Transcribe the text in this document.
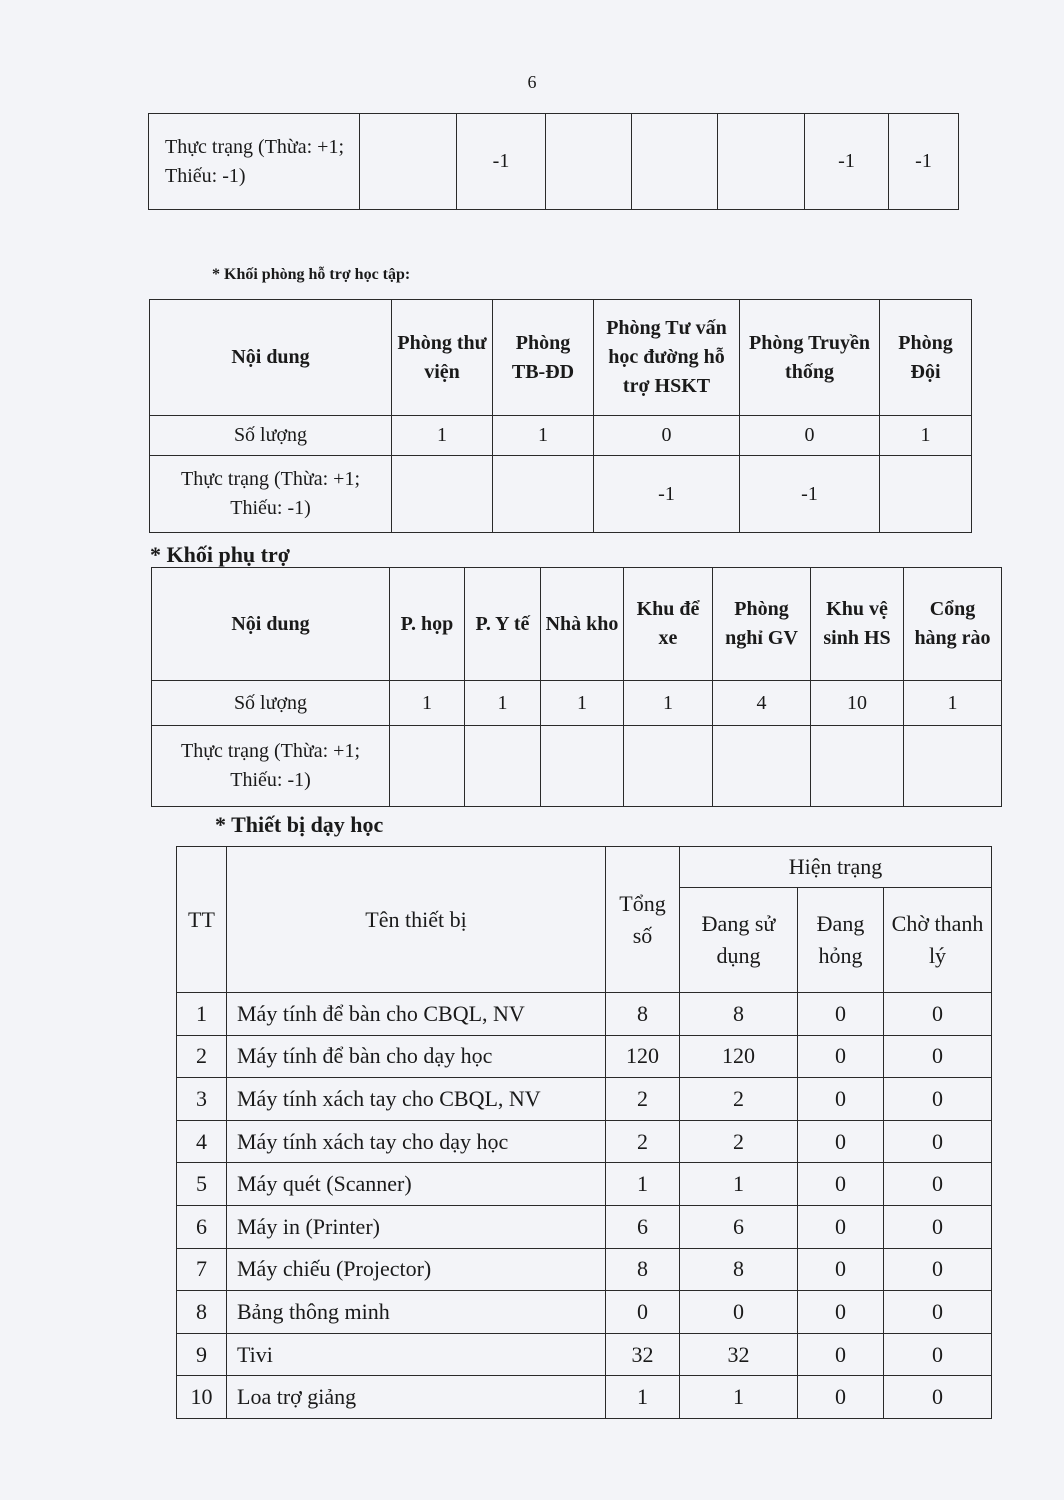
6
Thực trạng (Thừa: +1; Thiếu: -1)		-1				-1	-1
* Khối phòng hỗ trợ học tập:
Nội dung	Phòng thư viện	Phòng TB-ĐD	Phòng Tư vấn học đường hỗ trợ HSKT	Phòng Truyền thống	Phòng Đội
Số lượng	1	1	0	0	1
Thực trạng (Thừa: +1; Thiếu: -1)			-1	-1	
* Khối phụ trợ
Nội dung	P. họp	P. Y tế	Nhà kho	Khu để xe	Phòng nghỉ GV	Khu vệ sinh HS	Cổng hàng rào
Số lượng	1	1	1	1	4	10	1
Thực trạng (Thừa: +1; Thiếu: -1)							
* Thiết bị dạy học
TT	Tên thiết bị	Tổng số	Hiện trạng		
			Đang sử dụng	Đang hỏng	Chờ thanh lý
1	Máy tính để bàn cho CBQL, NV	8	8	0	0
2	Máy tính để bàn cho dạy học	120	120	0	0
3	Máy tính xách tay cho CBQL, NV	2	2	0	0
4	Máy tính xách tay cho dạy học	2	2	0	0
5	Máy quét (Scanner)	1	1	0	0
6	Máy in (Printer)	6	6	0	0
7	Máy chiếu (Projector)	8	8	0	0
8	Bảng thông minh	0	0	0	0
9	Tivi	32	32	0	0
10	Loa trợ giảng	1	1	0	0
